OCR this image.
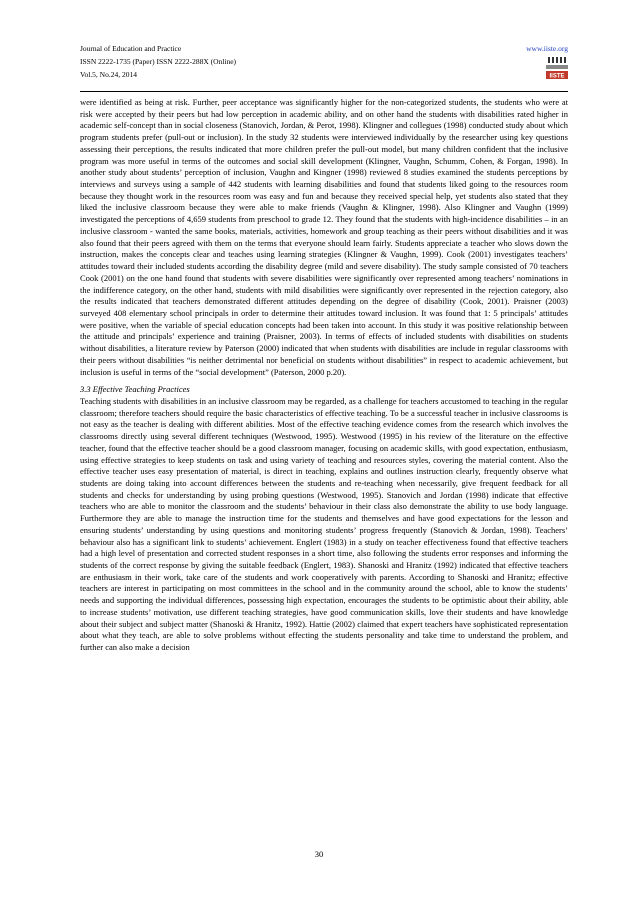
Journal of Education and Practice
ISSN 2222-1735 (Paper) ISSN 2222-288X (Online)
Vol.5, No.24, 2014
www.iiste.org
IISTE

were identified as being at risk. Further, peer acceptance was significantly higher for the non-categorized students, the students who were at risk were accepted by their peers but had low perception in academic ability, and on other hand the students with disabilities rated higher in academic self-concept than in social closeness (Stanovich, Jordan, & Perot, 1998). Klingner and collegues (1998) conducted study about which program students prefer (pull-out or inclusion). In the study 32 students were interviewed individually by the researcher using key questions assessing their perceptions, the results indicated that more children prefer the pull-out model, but many children confident that the inclusive program was more useful in terms of the outcomes and social skill development (Klingner, Vaughn, Schumm, Cohen, & Forgan, 1998). In another study about students’ perception of inclusion, Vaughn and Kingner (1998) reviewed 8 studies examined the students perceptions by interviews and surveys using a sample of 442 students with learning disabilities and found that students liked going to the resources room because they thought work in the resources room was easy and fun and because they received special help, yet students also stated that they liked the inclusive classroom because they were able to make friends (Vaughn & Klingner, 1998). Also Klingner and Vaughn (1999) investigated the perceptions of 4,659 students from preschool to grade 12. They found that the students with high-incidence disabilities – in an inclusive classroom - wanted the same books, materials, activities, homework and group teaching as their peers without disabilities and it was also found that their peers agreed with them on the terms that everyone should learn fairly. Students appreciate a teacher who slows down the instruction, makes the concepts clear and teaches using learning strategies (Klingner & Vaughn, 1999). Cook (2001) investigates teachers’ attitudes toward their included students according the disability degree (mild and severe disability). The study sample consisted of 70 teachers Cook (2001) on the one hand found that students with severe disabilities were significantly over represented among teachers’ nominations in the indifference category, on the other hand, students with mild disabilities were significantly over represented in the rejection category, also the results indicated that teachers demonstrated different attitudes depending on the degree of disability (Cook, 2001). Praisner (2003) surveyed 408 elementary school principals in order to determine their attitudes toward inclusion. It was found that 1: 5 principals’ attitudes were positive, when the variable of special education concepts had been taken into account. In this study it was positive relationship between the attitude and principals’ experience and training (Praisner, 2003). In terms of effects of included students with disabilities on students without disabilities, a literature review by Paterson (2000) indicated that when students with disabilities are include in regular classrooms with their peers without disabilities “is neither detrimental nor beneficial on students without disabilities” in respect to academic achievement, but inclusion is useful in terms of the “social development” (Paterson, 2000 p.20).

3.3 Effective Teaching Practices

Teaching students with disabilities in an inclusive classroom may be regarded, as a challenge for teachers accustomed to teaching in the regular classroom; therefore teachers should require the basic characteristics of effective teaching. To be a successful teacher in inclusive classrooms is not easy as the teacher is dealing with different abilities. Most of the effective teaching evidence comes from the research which involves the classrooms directly using several different techniques (Westwood, 1995). Westwood (1995) in his review of the literature on the effective teacher, found that the effective teacher should be a good classroom manager, focusing on academic skills, with good expectation, enthusiasm, using effective strategies to keep students on task and using variety of teaching and resources styles, covering the material content. Also the effective teacher uses easy presentation of material, is direct in teaching, explains and outlines instruction clearly, frequently observe what students are doing taking into account differences between the students and re-teaching when necessarily, give frequent feedback for all students and checks for understanding by using probing questions (Westwood, 1995). Stanovich and Jordan (1998) indicate that effective teachers who are able to monitor the classroom and the students’ behaviour in their class also demonstrate the ability to use body language. Furthermore they are able to manage the instruction time for the students and themselves and have good expectations for the lesson and ensuring students’ understanding by using questions and monitoring students’ progress frequently (Stanovich & Jordan, 1998). Teachers’ behaviour also has a significant link to students’ achievement. Englert (1983) in a study on teacher effectiveness found that effective teachers had a high level of presentation and corrected student responses in a short time, also following the students error responses and informing the students of the correct response by giving the suitable feedback (Englert, 1983). Shanoski and Hranitz (1992) indicated that effective teachers are enthusiasm in their work, take care of the students and work cooperatively with parents. According to Shanoski and Hranitz; effective teachers are interest in participating on most committees in the school and in the community around the school, able to know the students’ needs and supporting the individual differences, possessing high expectation, encourages the students to be optimistic about their ability, able to increase students’ motivation, use different teaching strategies, have good communication skills, love their students and have knowledge about their subject and subject matter (Shanoski & Hranitz, 1992). Hattie (2002) claimed that expert teachers have sophisticated representation about what they teach, are able to solve problems without effecting the students personality and take time to understand the problem, and further can also make a decision

30
